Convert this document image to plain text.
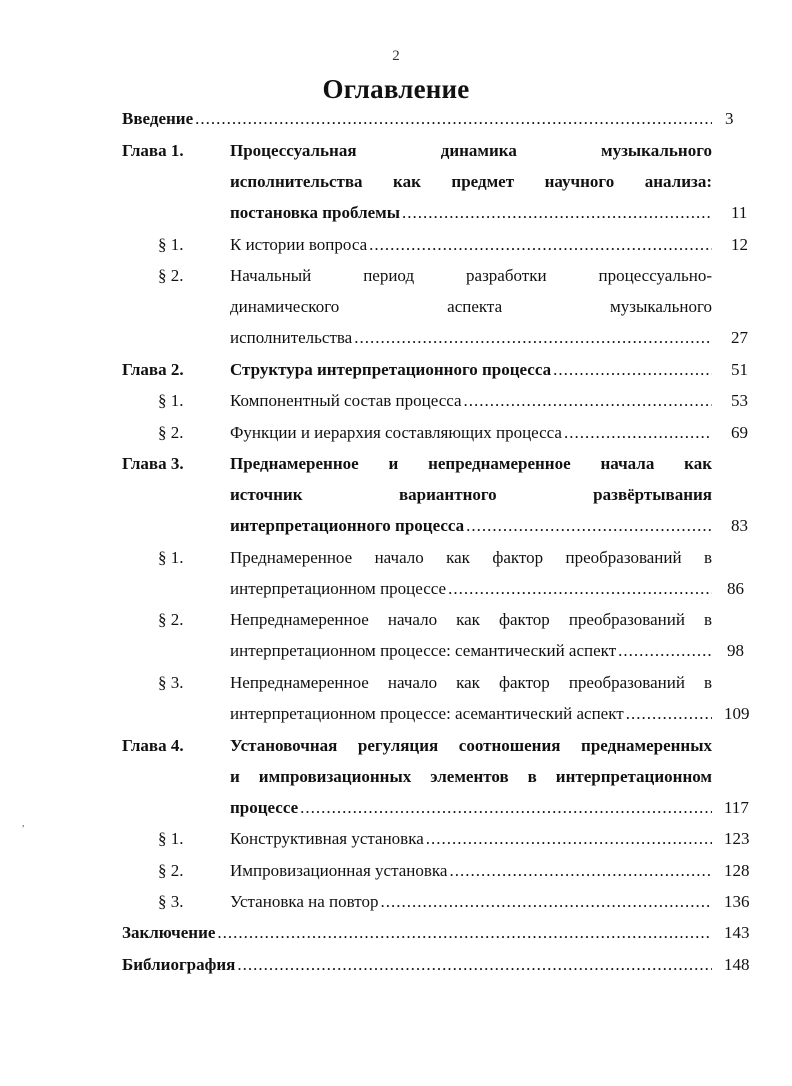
2
Оглавление
,
Введение .....	3
Глава 1.	Процессуальная динамика музыкального
исполнительства как предмет научного анализа:
постановка проблемы .....	11
§ 1.	К истории вопроса .....	12
§ 2.	Начальный период разработки процессуально-
динамического аспекта музыкального
исполнительства .....	27
Глава 2.	Структура интерпретационного процесса .....	51
§ 1.	Компонентный состав процесса .....	53
§ 2.	Функции и иерархия составляющих процесса .....	69
Глава 3.	Преднамеренное и непреднамеренное начала как
источник вариантного развёртывания
интерпретационного процесса .....	83
§ 1.	Преднамеренное начало как фактор преобразований в
интерпретационном процессе .....	86
§ 2.	Непреднамеренное начало как фактор преобразований в
интерпретационном процессе: семантический аспект .....	98
§ 3.	Непреднамеренное начало как фактор преобразований в
интерпретационном процессе: асемантический аспект .....	109
Глава 4.	Установочная регуляция соотношения преднамеренных
и импровизационных элементов в интерпретационном
процессе .....	117
§ 1.	Конструктивная установка .....	123
§ 2.	Импровизационная установка .....	128
§ 3.	Установка на повтор .....	136
Заключение .....	143
Библиография .....	148
